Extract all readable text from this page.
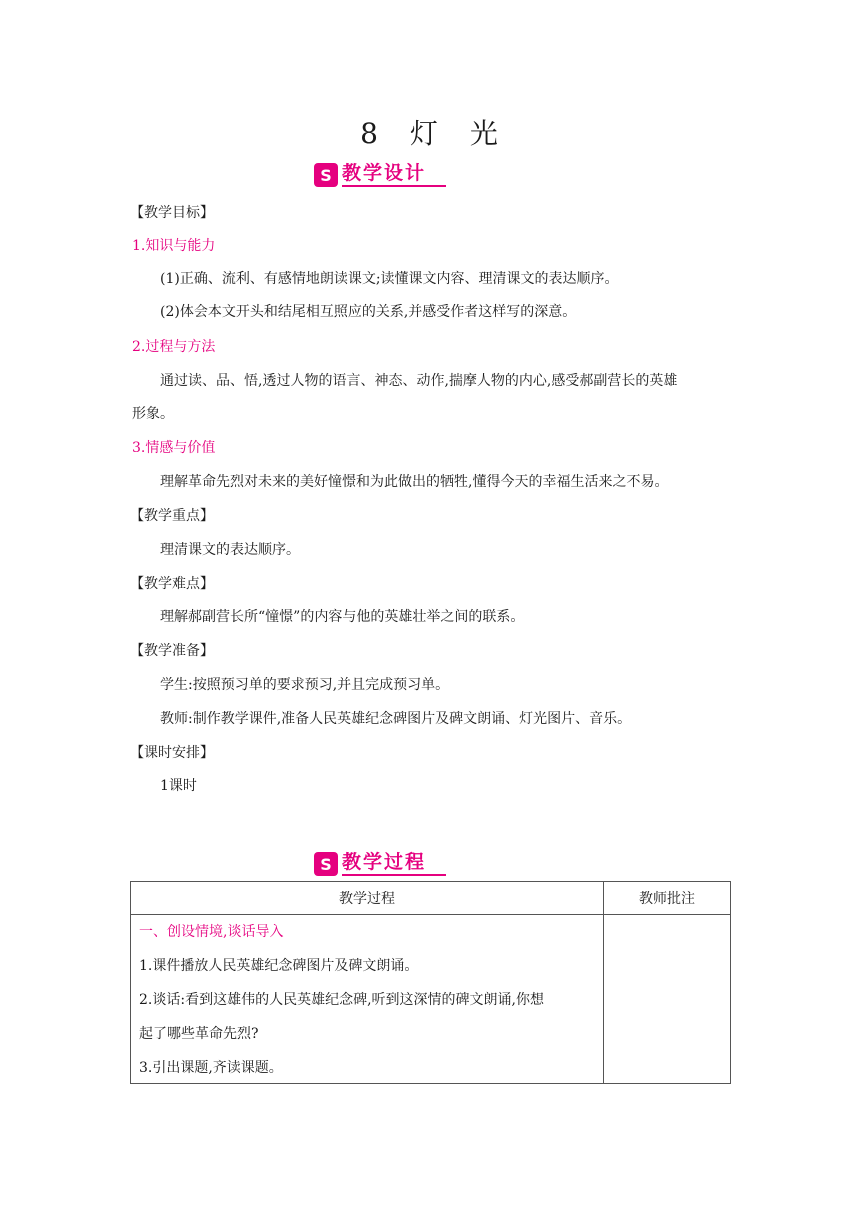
8　灯　光
S 教学设计
【教学目标】
1.知识与能力
(1)正确、流利、有感情地朗读课文;读懂课文内容、理清课文的表达顺序。
(2)体会本文开头和结尾相互照应的关系,并感受作者这样写的深意。
2.过程与方法
通过读、品、悟,透过人物的语言、神态、动作,揣摩人物的内心,感受郝副营长的英雄
形象。
3.情感与价值
理解革命先烈对未来的美好憧憬和为此做出的牺牲,懂得今天的幸福生活来之不易。
【教学重点】
理清课文的表达顺序。
【教学难点】
理解郝副营长所“憧憬”的内容与他的英雄壮举之间的联系。
【教学准备】
学生:按照预习单的要求预习,并且完成预习单。
教师:制作教学课件,准备人民英雄纪念碑图片及碑文朗诵、灯光图片、音乐。
【课时安排】
1课时
S 教学过程
教学过程	教师批注

一、创设情境,谈话导入
1.课件播放人民英雄纪念碑图片及碑文朗诵。
2.谈话:看到这雄伟的人民英雄纪念碑,听到这深情的碑文朗诵,你想
起了哪些革命先烈?
3.引出课题,齐读课题。	
